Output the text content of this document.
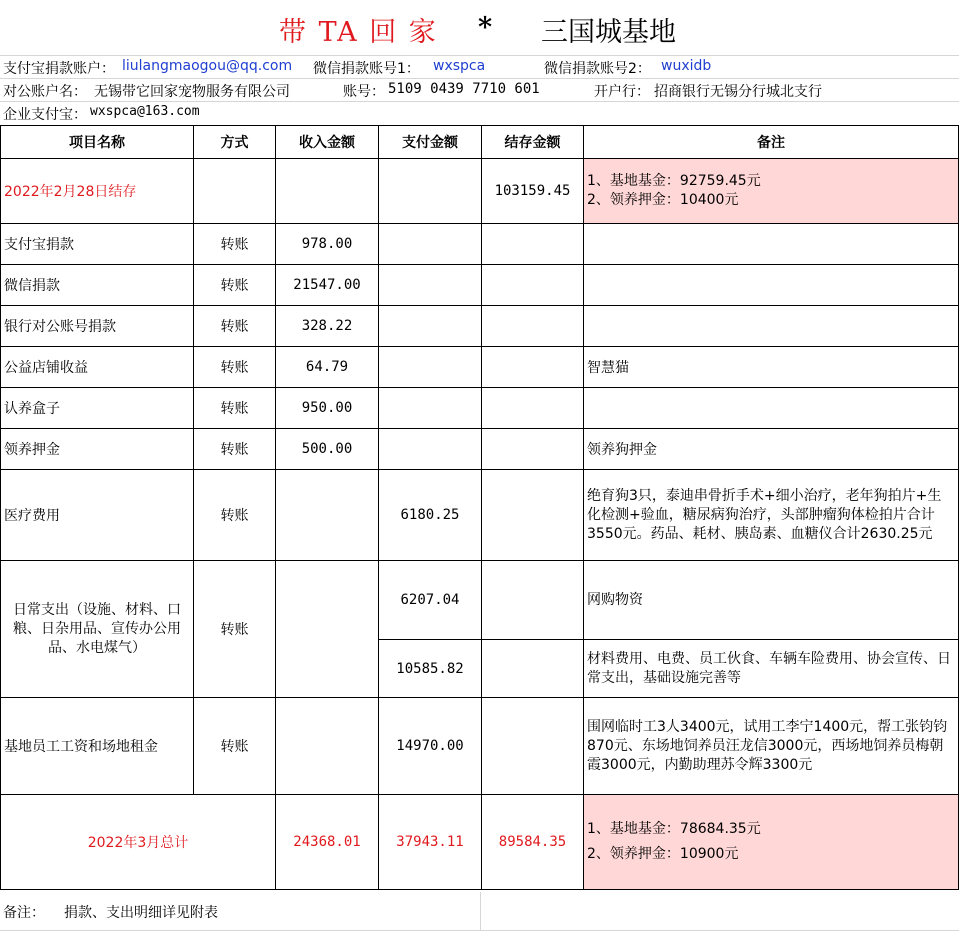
带 TA 回 家 * 三国城基地
支付宝捐款账户： liulangmaogou@qq.com 微信捐款账号1： wxspca	微信捐款账号2： wuxidb
对公账户名： 无锡带它回家宠物服务有限公司	账号： 5109 0439 7710 601	开户行： 招商银行无锡分行城北支行
企业支付宝： wxspca@163.com
项目名称	方式	收入金额	支付金额	结存金额	备注
2022年2月28日结存				103159.45	1、基地基金：92759.45元
2、领养押金：10400元

支付宝捐款	转账	978.00			
微信捐款	转账	21547.00			
银行对公账号捐款	转账	328.22			
公益店铺收益	转账	64.79			智慧猫
认养盒子	转账	950.00			
领养押金	转账	500.00			领养狗押金
医疗费用	转账		6180.25		绝育狗3只，泰迪串骨折手术+细小治疗，老年狗拍片+生化检测+验血，糖尿病狗治疗，头部肿瘤狗体检拍片合计3550元。药品、耗材、胰岛素、血糖仪合计2630.25元
日常支出（设施、材料、口粮、日杂用品、宣传办公用品、水电煤气）	转账		6207.04		网购物资
			10585.82		材料费用、电费、员工伙食、车辆车险费用、协会宣传、日常支出，基础设施完善等
基地员工工资和场地租金	转账		14970.00		围网临时工3人3400元，试用工李宁1400元，帮工张钧钧870元、东场地饲养员汪龙信3000元，西场地饲养员梅朝霞3000元，内勤助理苏令辉3300元
2022年3月总计		24368.01	37943.11	89584.35	1、基地基金：78684.35元
2、领养押金：10900元
备注： 捐款、支出明细详见附表
